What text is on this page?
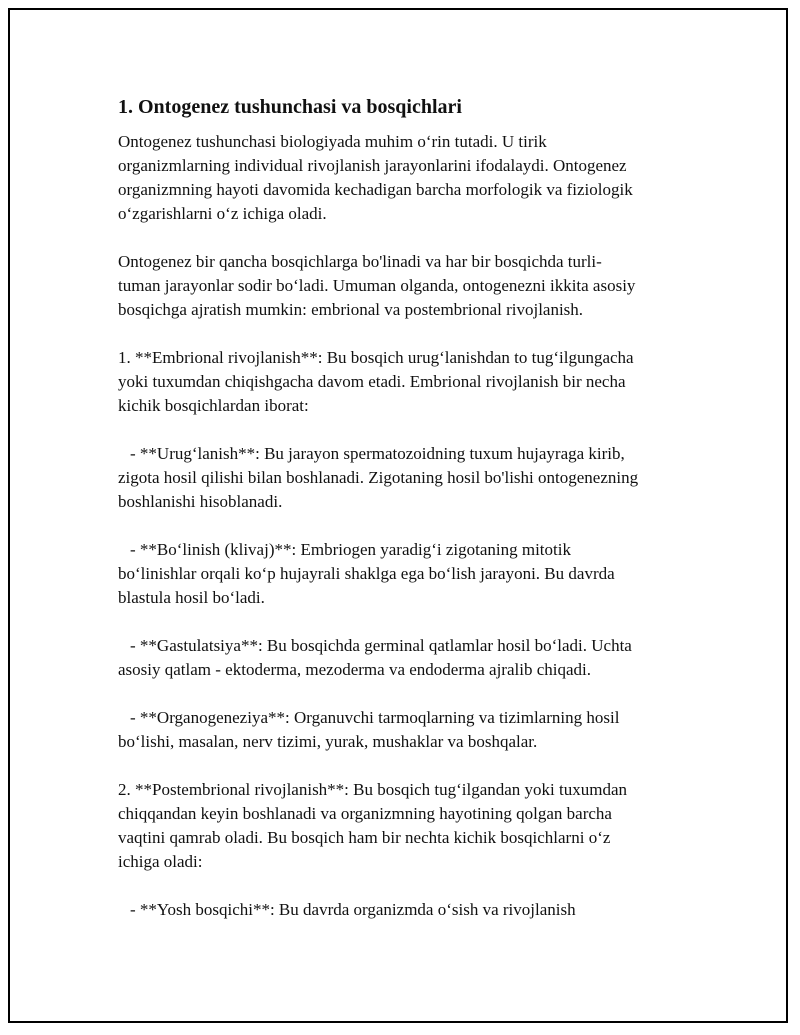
1. Ontogenez tushunchasi va bosqichlari
Ontogenez tushunchasi biologiyada muhim o‘rin tutadi. U tirik
organizmlarning individual rivojlanish jarayonlarini ifodalaydi. Ontogenez
organizmning hayoti davomida kechadigan barcha morfologik va fiziologik
o‘zgarishlarni o‘z ichiga oladi.
Ontogenez bir qancha bosqichlarga bo'linadi va har bir bosqichda turli-
tuman jarayonlar sodir bo‘ladi. Umuman olganda, ontogenezni ikkita asosiy
bosqichga ajratish mumkin: embrional va postembrional rivojlanish.
1. **Embrional rivojlanish**: Bu bosqich urug‘lanishdan to tug‘ilgungacha
yoki tuxumdan chiqishgacha davom etadi. Embrional rivojlanish bir necha
kichik bosqichlardan iborat:
- **Urug‘lanish**: Bu jarayon spermatozoidning tuxum hujayraga kirib,
zigota hosil qilishi bilan boshlanadi. Zigotaning hosil bo'lishi ontogenezning
boshlanishi hisoblanadi.
- **Bo‘linish (klivaj)**: Embriogen yaradig‘i zigotaning mitotik
bo‘linishlar orqali ko‘p hujayrali shaklga ega bo‘lish jarayoni. Bu davrda
blastula hosil bo‘ladi.
- **Gastulatsiya**: Bu bosqichda germinal qatlamlar hosil bo‘ladi. Uchta
asosiy qatlam - ektoderma, mezoderma va endoderma ajralib chiqadi.
- **Organogeneziya**: Organuvchi tarmoqlarning va tizimlarning hosil
bo‘lishi, masalan, nerv tizimi, yurak, mushaklar va boshqalar.
2. **Postembrional rivojlanish**: Bu bosqich tug‘ilgandan yoki tuxumdan
chiqqandan keyin boshlanadi va organizmning hayotining qolgan barcha
vaqtini qamrab oladi. Bu bosqich ham bir nechta kichik bosqichlarni o‘z
ichiga oladi:
- **Yosh bosqichi**: Bu davrda organizmda o‘sish va rivojlanish
